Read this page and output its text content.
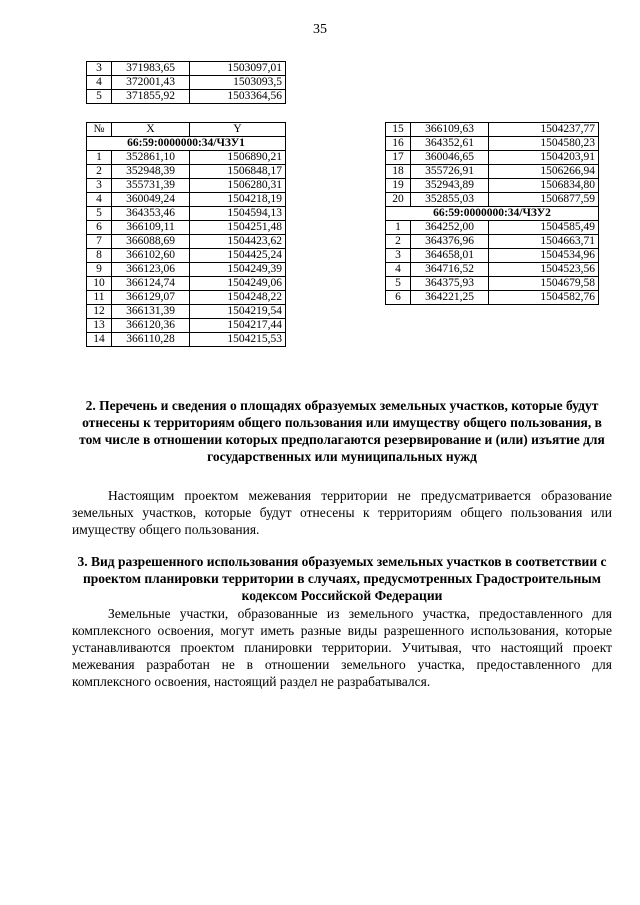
35
3	371983,65	1503097,01
4	372001,43	1503093,5
5	371855,92	1503364,56
№	X	Y
66:59:0000000:34/ЧЗУ1		
1	352861,10	1506890,21
2	352948,39	1506848,17
3	355731,39	1506280,31
4	360049,24	1504218,19
5	364353,46	1504594,13
6	366109,11	1504251,48
7	366088,69	1504423,62
8	366102,60	1504425,24
9	366123,06	1504249,39
10	366124,74	1504249,06
11	366129,07	1504248,22
12	366131,39	1504219,54
13	366120,36	1504217,44
14	366110,28	1504215,53
15	366109,63	1504237,77
16	364352,61	1504580,23
17	360046,65	1504203,91
18	355726,91	1506266,94
19	352943,89	1506834,80
20	352855,03	1506877,59
66:59:0000000:34/ЧЗУ2		
1	364252,00	1504585,49
2	364376,96	1504663,71
3	364658,01	1504534,96
4	364716,52	1504523,56
5	364375,93	1504679,58
6	364221,25	1504582,76
2. Перечень и сведения о площадях образуемых земельных участков, которые будут отнесены к территориям общего пользования или имуществу общего пользования, в том числе в отношении которых предполагаются резервирование и (или) изъятие для государственных или муниципальных нужд
Настоящим проектом межевания территории не предусматривается образование земельных участков, которые будут отнесены к территориям общего пользования или имуществу общего пользования.
3. Вид разрешенного использования образуемых земельных участков в соответствии с проектом планировки территории в случаях, предусмотренных Градостроительным кодексом Российской Федерации
Земельные участки, образованные из земельного участка, предоставленного для комплексного освоения, могут иметь разные виды разрешенного использования, которые устанавливаются проектом планировки территории. Учитывая, что настоящий проект межевания разработан не в отношении земельного участка, предоставленного для комплексного освоения, настоящий раздел не разрабатывался.
